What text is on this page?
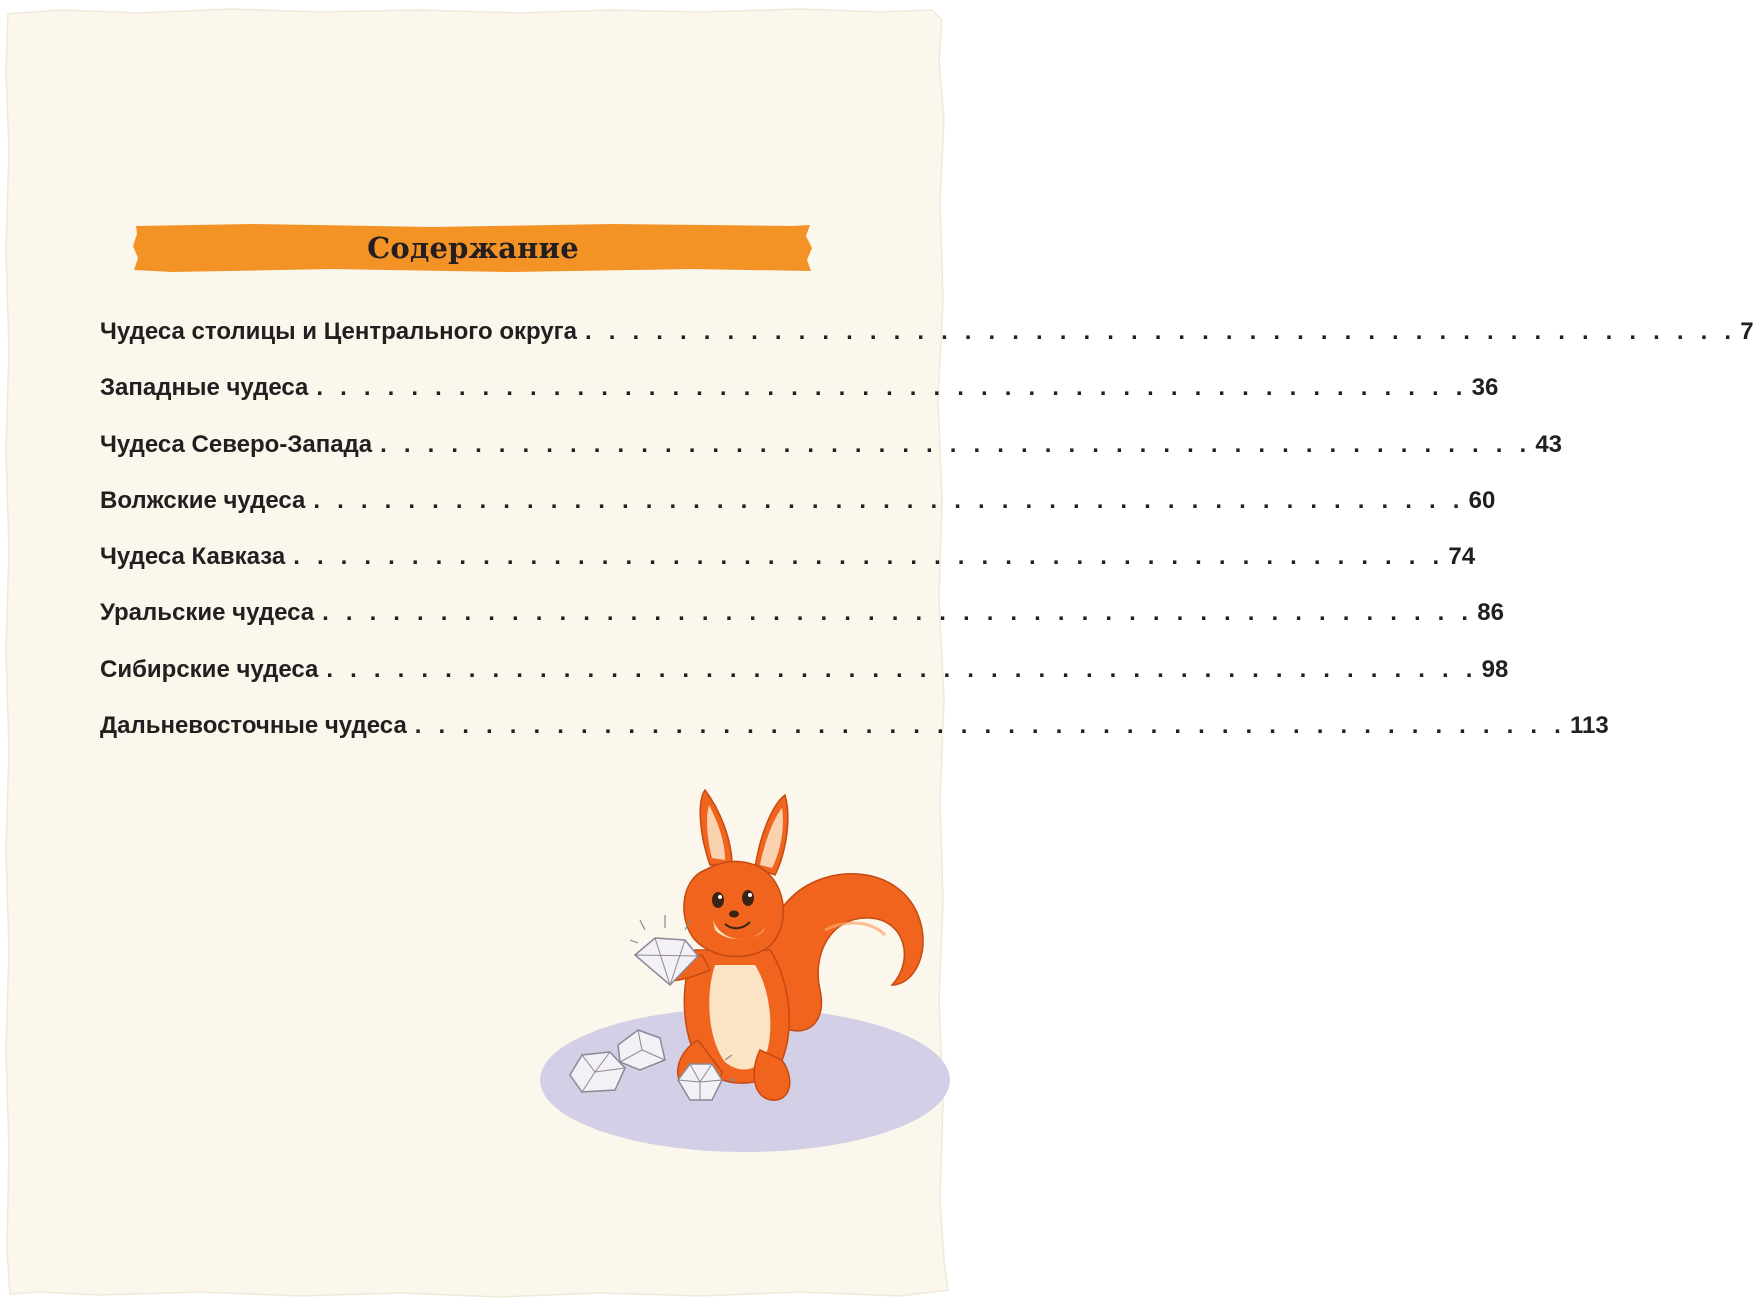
Содержание
Чудеса столицы и Центрального округа . . . . . . . . . . . . . . . . . . . . . . . . . . . . . . . . . . . . . . . . . . . . . . . . . 7
Западные чудеса . . . . . . . . . . . . . . . . . . . . . . . . . . . . . . . . . . . . . . . . . . . . . . . . . 36
Чудеса Северо-Запада . . . . . . . . . . . . . . . . . . . . . . . . . . . . . . . . . . . . . . . . . . . . . . . . . 43
Волжские чудеса . . . . . . . . . . . . . . . . . . . . . . . . . . . . . . . . . . . . . . . . . . . . . . . . . 60
Чудеса Кавказа . . . . . . . . . . . . . . . . . . . . . . . . . . . . . . . . . . . . . . . . . . . . . . . . . 74
Уральские чудеса . . . . . . . . . . . . . . . . . . . . . . . . . . . . . . . . . . . . . . . . . . . . . . . . . 86
Сибирские чудеса . . . . . . . . . . . . . . . . . . . . . . . . . . . . . . . . . . . . . . . . . . . . . . . . . 98
Дальневосточные чудеса . . . . . . . . . . . . . . . . . . . . . . . . . . . . . . . . . . . . . . . . . . . . . . . . . 113
